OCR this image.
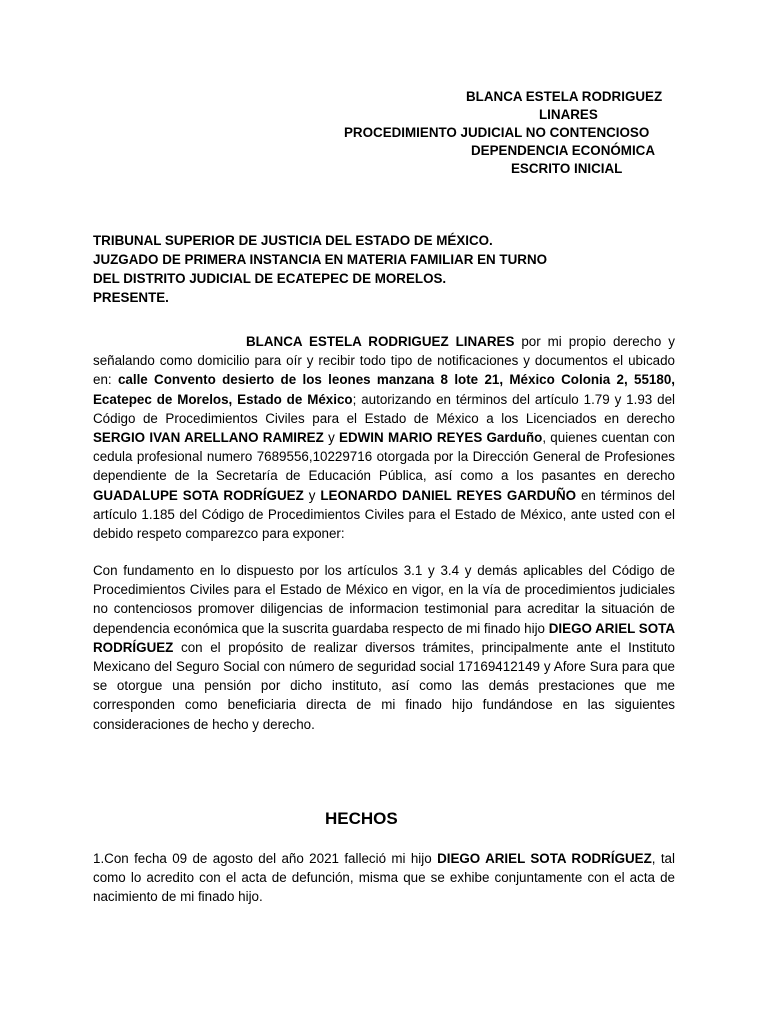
BLANCA ESTELA RODRIGUEZ
LINARES
PROCEDIMIENTO JUDICIAL NO CONTENCIOSO
DEPENDENCIA ECONÓMICA
ESCRITO INICIAL
TRIBUNAL SUPERIOR DE JUSTICIA DEL ESTADO DE MÉXICO.
JUZGADO DE PRIMERA INSTANCIA EN MATERIA FAMILIAR EN TURNO
DEL DISTRITO JUDICIAL DE ECATEPEC DE MORELOS.
PRESENTE.

BLANCA ESTELA RODRIGUEZ LINARES por mi propio derecho y señalando como domicilio para oír y recibir todo tipo de notificaciones y documentos el ubicado en: calle Convento desierto de los leones manzana 8 lote 21, México Colonia 2, 55180, Ecatepec de Morelos, Estado de México; autorizando en términos del artículo 1.79 y 1.93 del Código de Procedimientos Civiles para el Estado de México a los Licenciados en derecho SERGIO IVAN ARELLANO RAMIREZ y EDWIN MARIO REYES Garduño, quienes cuentan con cedula profesional numero 7689556,10229716 otorgada por la Dirección General de Profesiones dependiente de la Secretaría de Educación Pública, así como a los pasantes en derecho GUADALUPE SOTA RODRÍGUEZ y LEONARDO DANIEL REYES GARDUÑO en términos del artículo 1.185 del Código de Procedimientos Civiles para el Estado de México, ante usted con el debido respeto comparezco para exponer:

Con fundamento en lo dispuesto por los artículos 3.1 y 3.4 y demás aplicables del Código de Procedimientos Civiles para el Estado de México en vigor, en la vía de procedimientos judiciales no contenciosos promover diligencias de informacion testimonial para acreditar la situación de dependencia económica que la suscrita guardaba respecto de mi finado hijo DIEGO ARIEL SOTA RODRÍGUEZ con el propósito de realizar diversos trámites, principalmente ante el Instituto Mexicano del Seguro Social con número de seguridad social 17169412149 y Afore Sura para que se otorgue una pensión por dicho instituto, así como las demás prestaciones que me corresponden como beneficiaria directa de mi finado hijo fundándose en las siguientes consideraciones de hecho y derecho.

HECHOS

1.Con fecha 09 de agosto del año 2021 falleció mi hijo DIEGO ARIEL SOTA RODRÍGUEZ, tal como lo acredito con el acta de defunción, misma que se exhibe conjuntamente con el acta de nacimiento de mi finado hijo.
